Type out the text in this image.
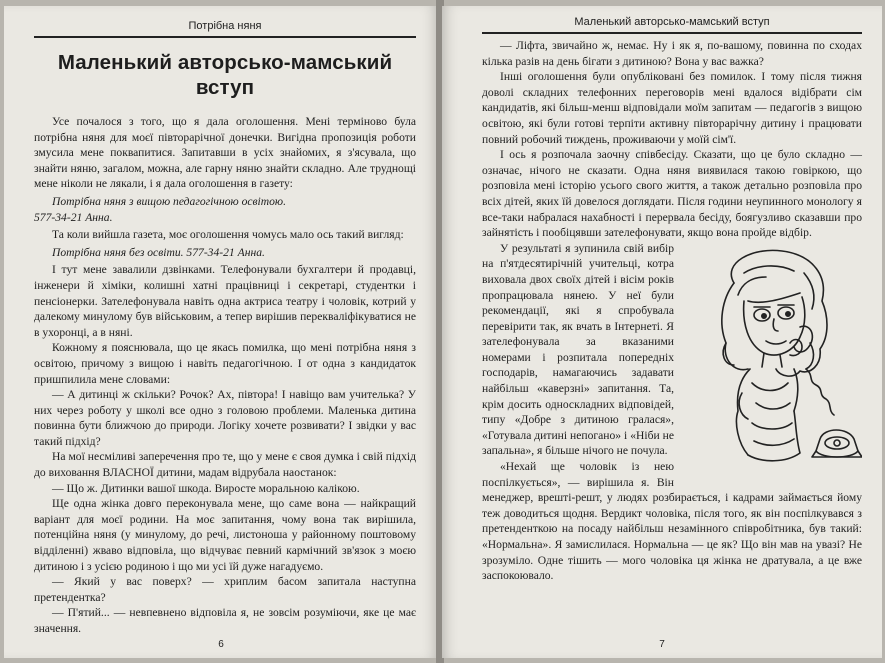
Потрібна няня
Маленький авторсько-мамський
вступ

Усе почалося з того, що я дала оголошення. Мені терміново була потрібна няня для моєї півторарічної донечки. Вигідна пропозиція роботи змусила мене поквапитися. Запитавши в усіх знайомих, я з'ясувала, що знайти няню, загалом, можна, але гарну няню знайти складно. Але труднощі мене ніколи не лякали, і я дала оголошення в газету:

Потрібна няня з вищою педагогічною освітою.
577-34-21 Анна.

Та коли вийшла газета, моє оголошення чомусь мало ось такий вигляд:

Потрібна няня без освіти. 577-34-21 Анна.

І тут мене завалили дзвінками. Телефонували бухгалтери й продавці, інженери й хіміки, колишні хатні працівниці і секретарі, студентки і пенсіонерки. Зателефонувала навіть одна актриса театру і чоловік, котрий у далекому минулому був військовим, а тепер вирішив перекваліфікуватися не в ухоронці, а в няні.

Кожному я пояснювала, що це якась помилка, що мені потрібна няня з освітою, причому з вищою і навіть педагогічною. І от одна з кандидаток пришпилила мене словами:

— А дитинці ж скільки? Рочок? Ах, півтора! І навіщо вам учителька? У них через роботу у школі все одно з головою проблеми. Маленька дитина повинна бути ближчою до природи. Логіку хочете розвивати? І звідки у вас такий підхід?

На мої несміливі заперечення про те, що у мене є своя думка і свій підхід до виховання ВЛАСНОЇ дитини, мадам відрубала наостанок:

— Що ж. Дитинки вашої шкода. Виросте моральною калікою.

Ще одна жінка довго переконувала мене, що саме вона — найкращий варіант для моєї родини. На моє запитання, чому вона так вирішила, потенційна няня (у минулому, до речі, листоноша у районному поштовому відділенні) жваво відповіла, що відчуває певний кармічний зв'язок з моєю дитиною і з усією родиною і що ми усі їй дуже нагадуємо.

— Який у вас поверх? — хриплим басом запитала наступна претендентка?

— П'ятий... — невпевнено відповіла я, не зовсім розуміючи, яке це має значення.

6
Маленький авторсько-мамський вступ

— Ліфта, звичайно ж, немає. Ну і як я, по-вашому, повинна по сходах кілька разів на день бігати з дитиною? Вона у вас важка?

Інші оголошення були опубліковані без помилок. І тому після тижня доволі складних телефонних переговорів мені вдалося відібрати сім кандидатів, які більш-менш відповідали моїм запитам — педагогів з вищою освітою, які були готові терпіти активну півторарічну дитину і працювати повний робочий тиждень, проживаючи у моїй сім'ї.

І ось я розпочала заочну співбесіду. Сказати, що це було складно — означає, нічого не сказати. Одна няня виявилася такою говіркою, що розповіла мені історію усього свого життя, а також детально розповіла про всіх дітей, яких їй довелося доглядати. Після години неупинного монологу я все-таки набралася нахабності і перервала бесіду, боягузливо сказавши про зайнятість і пообіцявши зателефонувати, якщо вона пройде відбір.

У результаті я зупинила свій вибір на п'ятдесятирічній учительці, котра виховала двох своїх дітей і вісім років пропрацювала нянею. У неї були рекомендації, які я спробувала перевірити так, як вчать в Інтернеті. Я зателефонувала за вказаними номерами і розпитала попередніх господарів, намагаючись задавати найбільш «каверзні» запитання. Та, крім досить односкладних відповідей, типу «Добре з дитиною гралася», «Готувала дитині непогано» і «Ніби не запальна», я більше нічого не почула.

«Нехай ще чоловік із нею поспілкується», — вирішила я. Він менеджер, врешті-решт, у людях розбирається, і кадрами займається йому теж доводиться щодня. Вердикт чоловіка, після того, як він поспілкувався з претенденткою на посаду найбільш незамінного співробітника, був такий: «Нормальна». Я замислилася. Нормальна — це як? Що він мав на увазі? Не зрозуміло. Одне тішить — мого чоловіка ця жінка не дратувала, а це вже заспокоювало.

7
